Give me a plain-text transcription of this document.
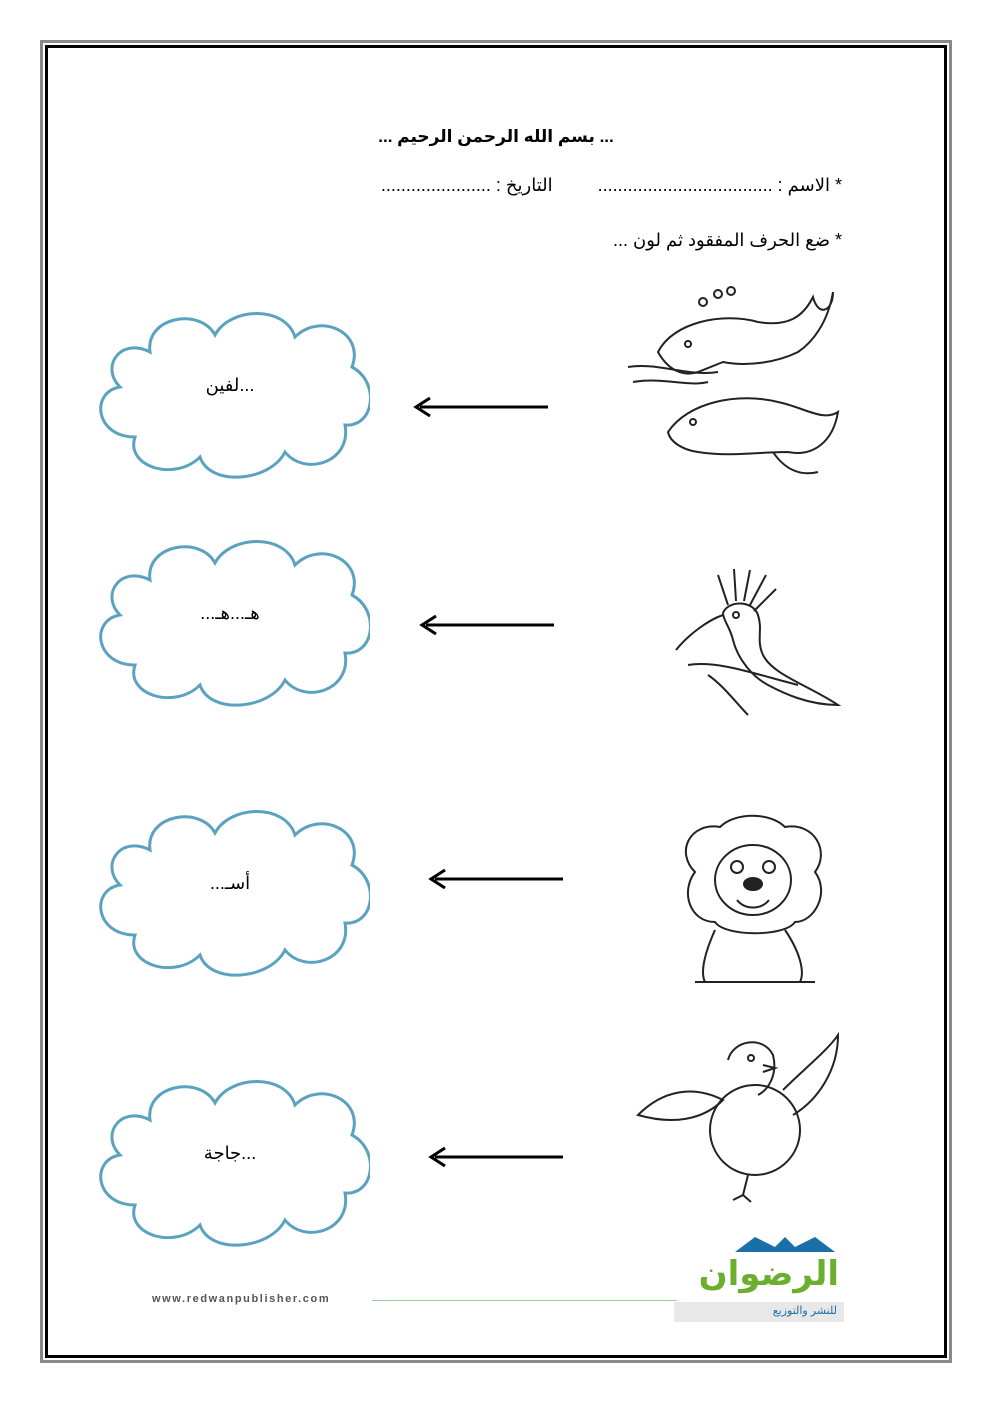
... بسم الله الرحمن الرحيم ...
* الاسم : ................................... التاريخ : ......................
* ضع الحرف المفقود ثم لون ...
...لفين
هـ...هـ...
أسـ...
...جاجة
www.redwanpublisher.com
الرضوان
للنشر والتوزيع
